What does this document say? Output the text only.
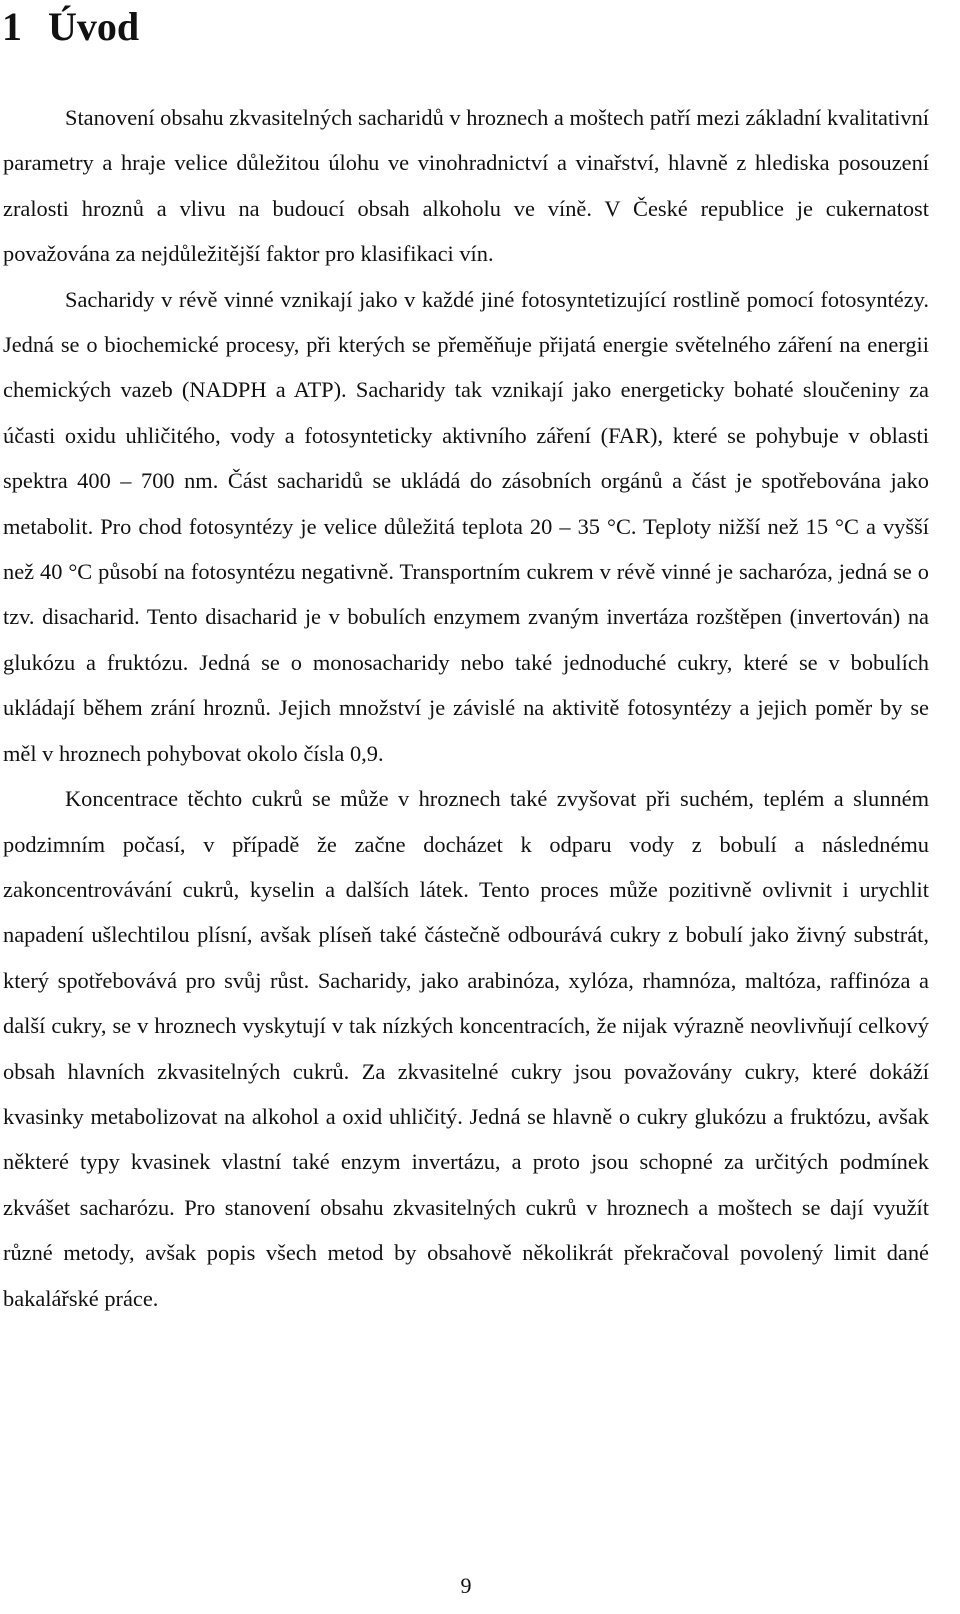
1 Úvod

Stanovení obsahu zkvasitelných sacharidů v hroznech a moštech patří mezi základní kvalitativní parametry a hraje velice důležitou úlohu ve vinohradnictví a vinařství, hlavně z hlediska posouzení zralosti hroznů a vlivu na budoucí obsah alkoholu ve víně. V České republice je cukernatost považována za nejdůležitější faktor pro klasifikaci vín.

Sacharidy v révě vinné vznikají jako v každé jiné fotosyntetizující rostlině pomocí fotosyntézy. Jedná se o biochemické procesy, při kterých se přeměňuje přijatá energie světelného záření na energii chemických vazeb (NADPH a ATP). Sacharidy tak vznikají jako energeticky bohaté sloučeniny za účasti oxidu uhličitého, vody a fotosynteticky aktivního záření (FAR), které se pohybuje v oblasti spektra 400 – 700 nm. Část sacharidů se ukládá do zásobních orgánů a část je spotřebována jako metabolit. Pro chod fotosyntézy je velice důležitá teplota 20 – 35 °C. Teploty nižší než 15 °C a vyšší než 40 °C působí na fotosyntézu negativně. Transportním cukrem v révě vinné je sacharóza, jedná se o tzv. disacharid. Tento disacharid je v bobulích enzymem zvaným invertáza rozštěpen (invertován) na glukózu a fruktózu. Jedná se o monosacharidy nebo také jednoduché cukry, které se v bobulích ukládají během zrání hroznů. Jejich množství je závislé na aktivitě fotosyntézy a jejich poměr by se měl v hroznech pohybovat okolo čísla 0,9.

Koncentrace těchto cukrů se může v hroznech také zvyšovat při suchém, teplém a slunném podzimním počasí, v případě že začne docházet k odparu vody z bobulí a následnému zakoncentrovávání cukrů, kyselin a dalších látek. Tento proces může pozitivně ovlivnit i urychlit napadení ušlechtilou plísní, avšak plíseň také částečně odbourává cukry z bobulí jako živný substrát, který spotřebovává pro svůj růst. Sacharidy, jako arabinóza, xylóza, rhamnóza, maltóza, raffinóza a další cukry, se v hroznech vyskytují v tak nízkých koncentracích, že nijak výrazně neovlivňují celkový obsah hlavních zkvasitelných cukrů. Za zkvasitelné cukry jsou považovány cukry, které dokáží kvasinky metabolizovat na alkohol a oxid uhličitý. Jedná se hlavně o cukry glukózu a fruktózu, avšak některé typy kvasinek vlastní také enzym invertázu, a proto jsou schopné za určitých podmínek zkvášet sacharózu. Pro stanovení obsahu zkvasitelných cukrů v hroznech a moštech se dají využít různé metody, avšak popis všech metod by obsahově několikrát překračoval povolený limit dané bakalářské práce.

9
